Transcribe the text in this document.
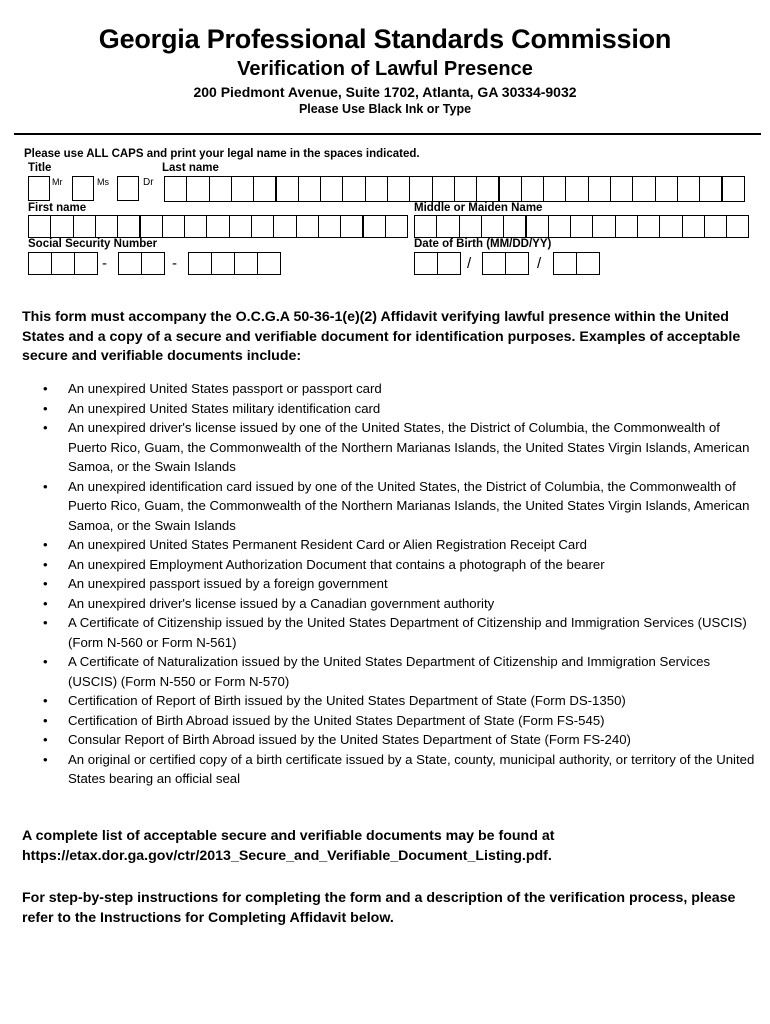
Georgia Professional Standards Commission
Verification of Lawful Presence
200 Piedmont Avenue, Suite 1702, Atlanta, GA 30334-9032
Please Use Black Ink or Type
Please use ALL CAPS and print your legal name in the spaces indicated.
Title	Last name
Mr	Ms	Dr
First name	Middle or Maiden Name
Social Security Number	Date of Birth (MM/DD/YY)
-	-	/	/
This form must accompany the O.C.G.A 50-36-1(e)(2) Affidavit verifying lawful presence within the United States and a copy of a secure and verifiable document for identification purposes. Examples of acceptable secure and verifiable documents include:
• An unexpired United States passport or passport card
• An unexpired United States military identification card
• An unexpired driver's license issued by one of the United States, the District of Columbia, the Commonwealth of Puerto Rico, Guam, the Commonwealth of the Northern Marianas Islands, the United States Virgin Islands, American Samoa, or the Swain Islands
• An unexpired identification card issued by one of the United States, the District of Columbia, the Commonwealth of Puerto Rico, Guam, the Commonwealth of the Northern Marianas Islands, the United States Virgin Islands, American Samoa, or the Swain Islands
• An unexpired United States Permanent Resident Card or Alien Registration Receipt Card
• An unexpired Employment Authorization Document that contains a photograph of the bearer
• An unexpired passport issued by a foreign government
• An unexpired driver's license issued by a Canadian government authority
• A Certificate of Citizenship issued by the United States Department of Citizenship and Immigration Services (USCIS) (Form N-560 or Form N-561)
• A Certificate of Naturalization issued by the United States Department of Citizenship and Immigration Services (USCIS) (Form N-550 or Form N-570)
• Certification of Report of Birth issued by the United States Department of State (Form DS-1350)
• Certification of Birth Abroad issued by the United States Department of State (Form FS-545)
• Consular Report of Birth Abroad issued by the United States Department of State (Form FS-240)
• An original or certified copy of a birth certificate issued by a State, county, municipal authority, or territory of the United States bearing an official seal
A complete list of acceptable secure and verifiable documents may be found at https://etax.dor.ga.gov/ctr/2013_Secure_and_Verifiable_Document_Listing.pdf.
For step-by-step instructions for completing the form and a description of the verification process, please refer to the Instructions for Completing Affidavit below.
